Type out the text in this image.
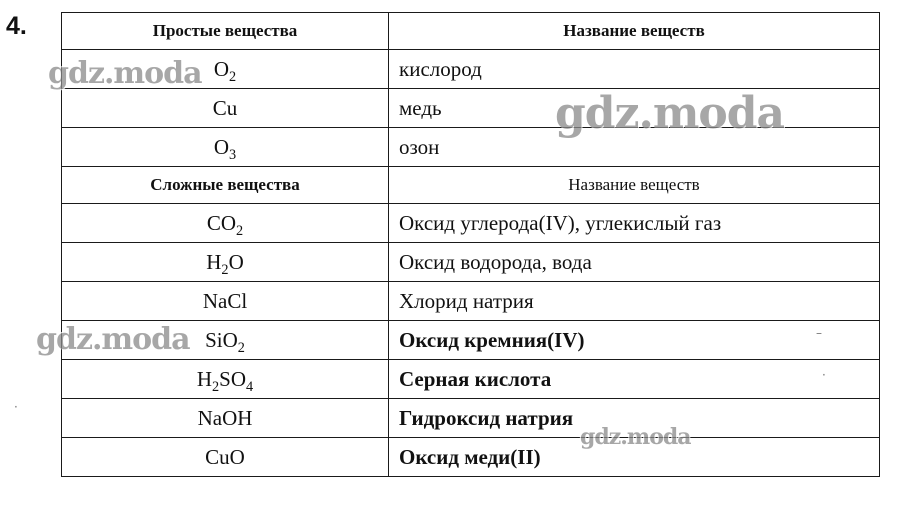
4.	Простые вещества	Название веществ
$O_2$	кислород
Cu	медь
$O_3$	озон
Сложные вещества	Название веществ
$CO_2$	Оксид углерода(IV), углекислый газ
$H_2O$	Оксид водорода, вода
NaCl	Хлорид натрия
SiO$_2$	Оксид кремния(IV)
$H_2SO_4$	Серная кислота
NaOH	Гидроксид натрия
CuO	Оксид меди(II)
gdz.moda
gdz.moda
gdz.moda
gdz.moda
·
–
·
